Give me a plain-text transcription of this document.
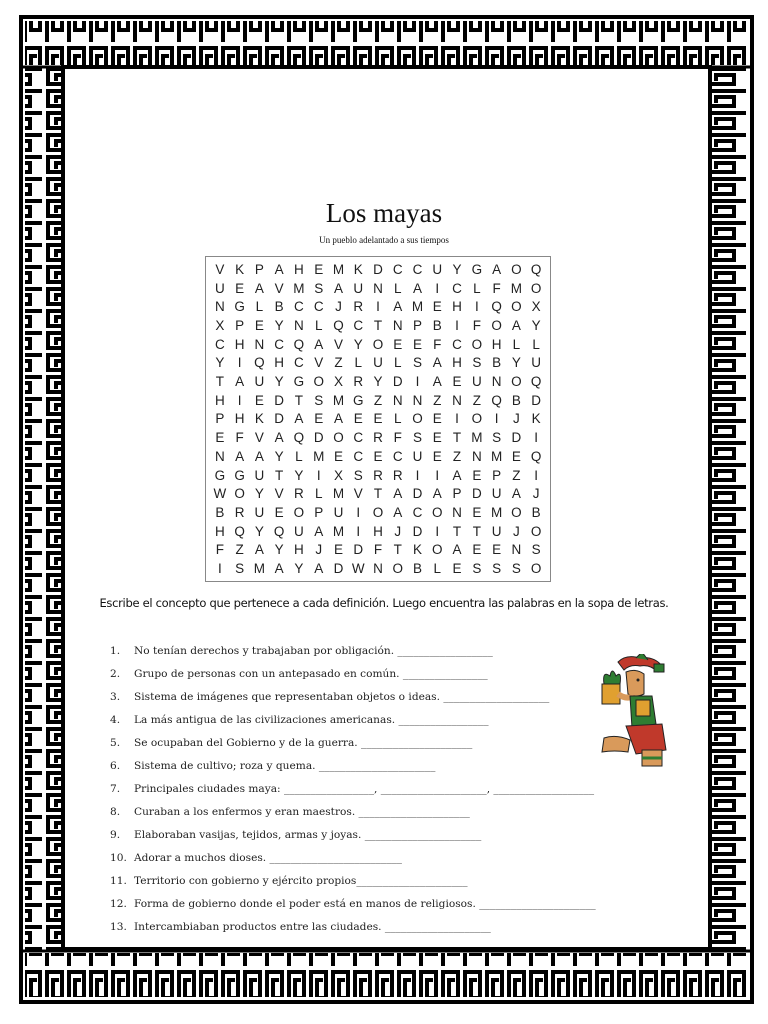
Los mayas
Un pueblo adelantado a sus tiempos
V K P A H E M K D C C U Y G A O Q
U E A V M S A U N L A I C L F M O
N G L B C C J R I A M E H I Q O X
X P E Y N L Q C T N P B I	F O A Y
C H N C Q A V Y O E E F C O H L L
Y I Q H C V Z L U L S A H S B Y U
T A U Y G O X R Y D I A E U N O Q
H I E D T S M G Z N N Z N Z Q B D
P H K D A E A E E L O E I O I	J K
E F V A Q D O C R F S E T M S D I
N A A Y L M E C E C U E Z N M E Q
G G U T Y I X S R R I	I A E P Z	I
W O Y V R L M V T A D A P D U A J
B R U E O P U I O A C O N E M O B
H Q Y Q U A M I H J D I	T T U J O
F Z A Y H J E D F T K O A E E N S
I S M A Y A D W N O B L E S S S O
Escribe el concepto que pertenece a cada definición. Luego encuentra las palabras en la sopa de letras.
1. No tenían derechos y trabajaban por obligación. __________________
2. Grupo de personas con un antepasado en común. ________________
3. Sistema de imágenes que representaban objetos o ideas. ____________________
4. La más antigua de las civilizaciones americanas. _________________
5. Se ocupaban del Gobierno y de la guerra. _____________________
6. Sistema de cultivo; roza y quema. ______________________
7. Principales ciudades maya: _________________, ____________________, ___________________
8. Curaban a los enfermos y eran maestros. _____________________
9. Elaboraban vasijas, tejidos, armas y joyas. ______________________
10. Adorar a muchos dioses. _________________________
11. Territorio con gobierno y ejército propios_____________________
12. Forma de gobierno donde el poder está en manos de religiosos. ______________________
13. Intercambiaban productos entre las ciudades. ____________________
